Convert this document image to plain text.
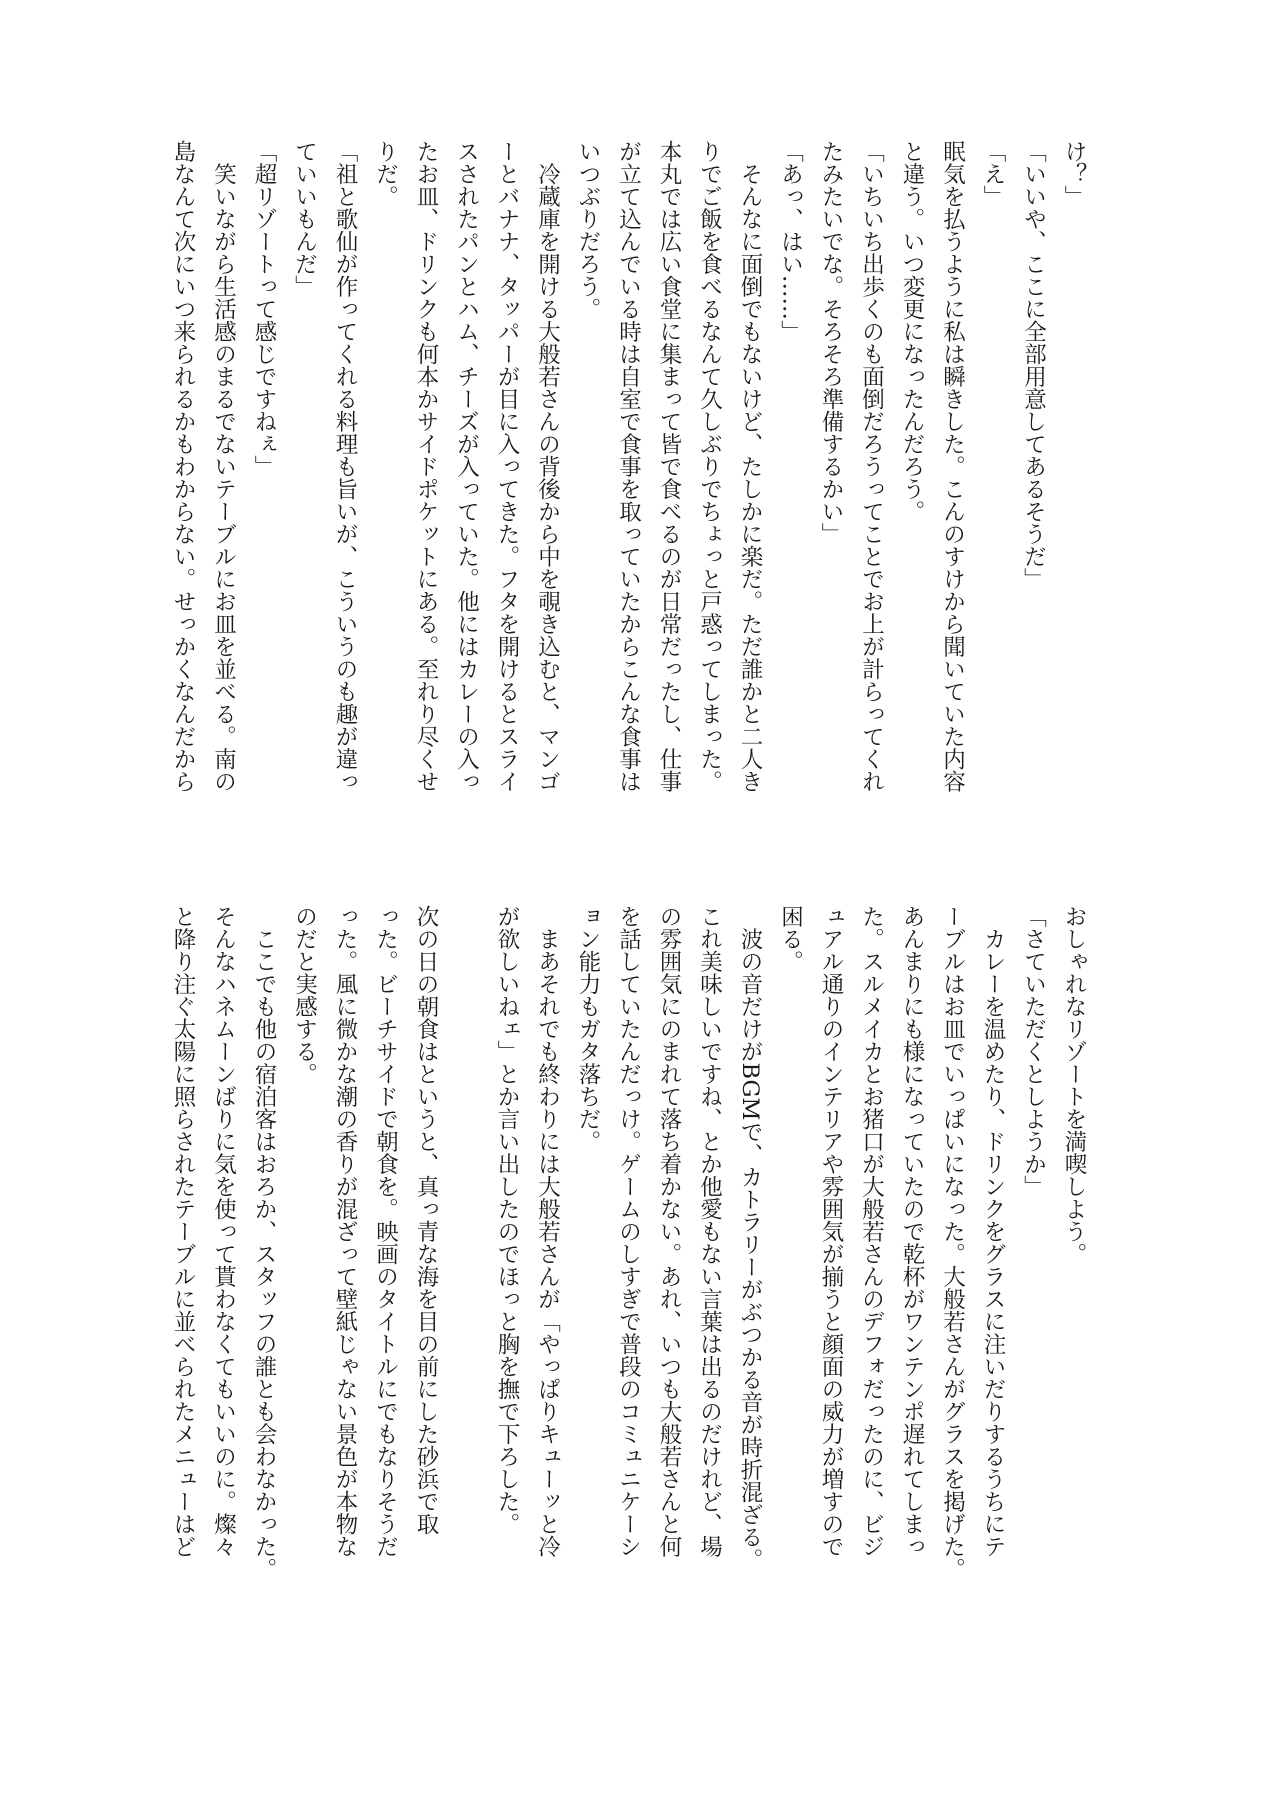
け？」
「いいや、ここに全部用意してあるそうだ」
「え」
眠気を払うように私は瞬きした。こんのすけから聞いていた内容
と違う。いつ変更になったんだろう。
「いちいち出歩くのも面倒だろうってことでお上が計らってくれ
たみたいでな。そろそろ準備するかい」
「あっ、はい……」
　そんなに面倒でもないけど、たしかに楽だ。ただ誰かと二人き
りでご飯を食べるなんて久しぶりでちょっと戸惑ってしまった。
本丸では広い食堂に集まって皆で食べるのが日常だったし、仕事
が立て込んでいる時は自室で食事を取っていたからこんな食事は
いつぶりだろう。
　冷蔵庫を開ける大般若さんの背後から中を覗き込むと、マンゴ
ーとバナナ、タッパーが目に入ってきた。フタを開けるとスライ
スされたパンとハム、チーズが入っていた。他にはカレーの入っ
たお皿、ドリンクも何本かサイドポケットにある。至れり尽くせ
りだ。
「祖と歌仙が作ってくれる料理も旨いが、こういうのも趣が違っ
ていいもんだ」
「超リゾートって感じですねぇ」
　笑いながら生活感のまるでないテーブルにお皿を並べる。南の
島なんて次にいつ来られるかもわからない。せっかくなんだから
おしゃれなリゾートを満喫しよう。
「さていただくとしようか」
　カレーを温めたり、ドリンクをグラスに注いだりするうちにテ
ーブルはお皿でいっぱいになった。大般若さんがグラスを掲げた。
あんまりにも様になっていたので乾杯がワンテンポ遅れてしまっ
た。スルメイカとお猪口が大般若さんのデフォだったのに、ビジ
ュアル通りのインテリアや雰囲気が揃うと顔面の威力が増すので
困る。
　波の音だけがBGMで、カトラリーがぶつかる音が時折混ざる。
これ美味しいですね、とか他愛もない言葉は出るのだけれど、場
の雰囲気にのまれて落ち着かない。あれ、いつも大般若さんと何
を話していたんだっけ。ゲームのしすぎで普段のコミュニケーシ
ョン能力もガタ落ちだ。
　まあそれでも終わりには大般若さんが「やっぱりキューッと冷
が欲しいねェ」とか言い出したのでほっと胸を撫で下ろした。

次の日の朝食はというと、真っ青な海を目の前にした砂浜で取
った。ビーチサイドで朝食を。映画のタイトルにでもなりそうだ
った。風に微かな潮の香りが混ざって壁紙じゃない景色が本物な
のだと実感する。
　ここでも他の宿泊客はおろか、スタッフの誰とも会わなかった。
そんなハネムーンばりに気を使って貰わなくてもいいのに。燦々
と降り注ぐ太陽に照らされたテーブルに並べられたメニューはど
